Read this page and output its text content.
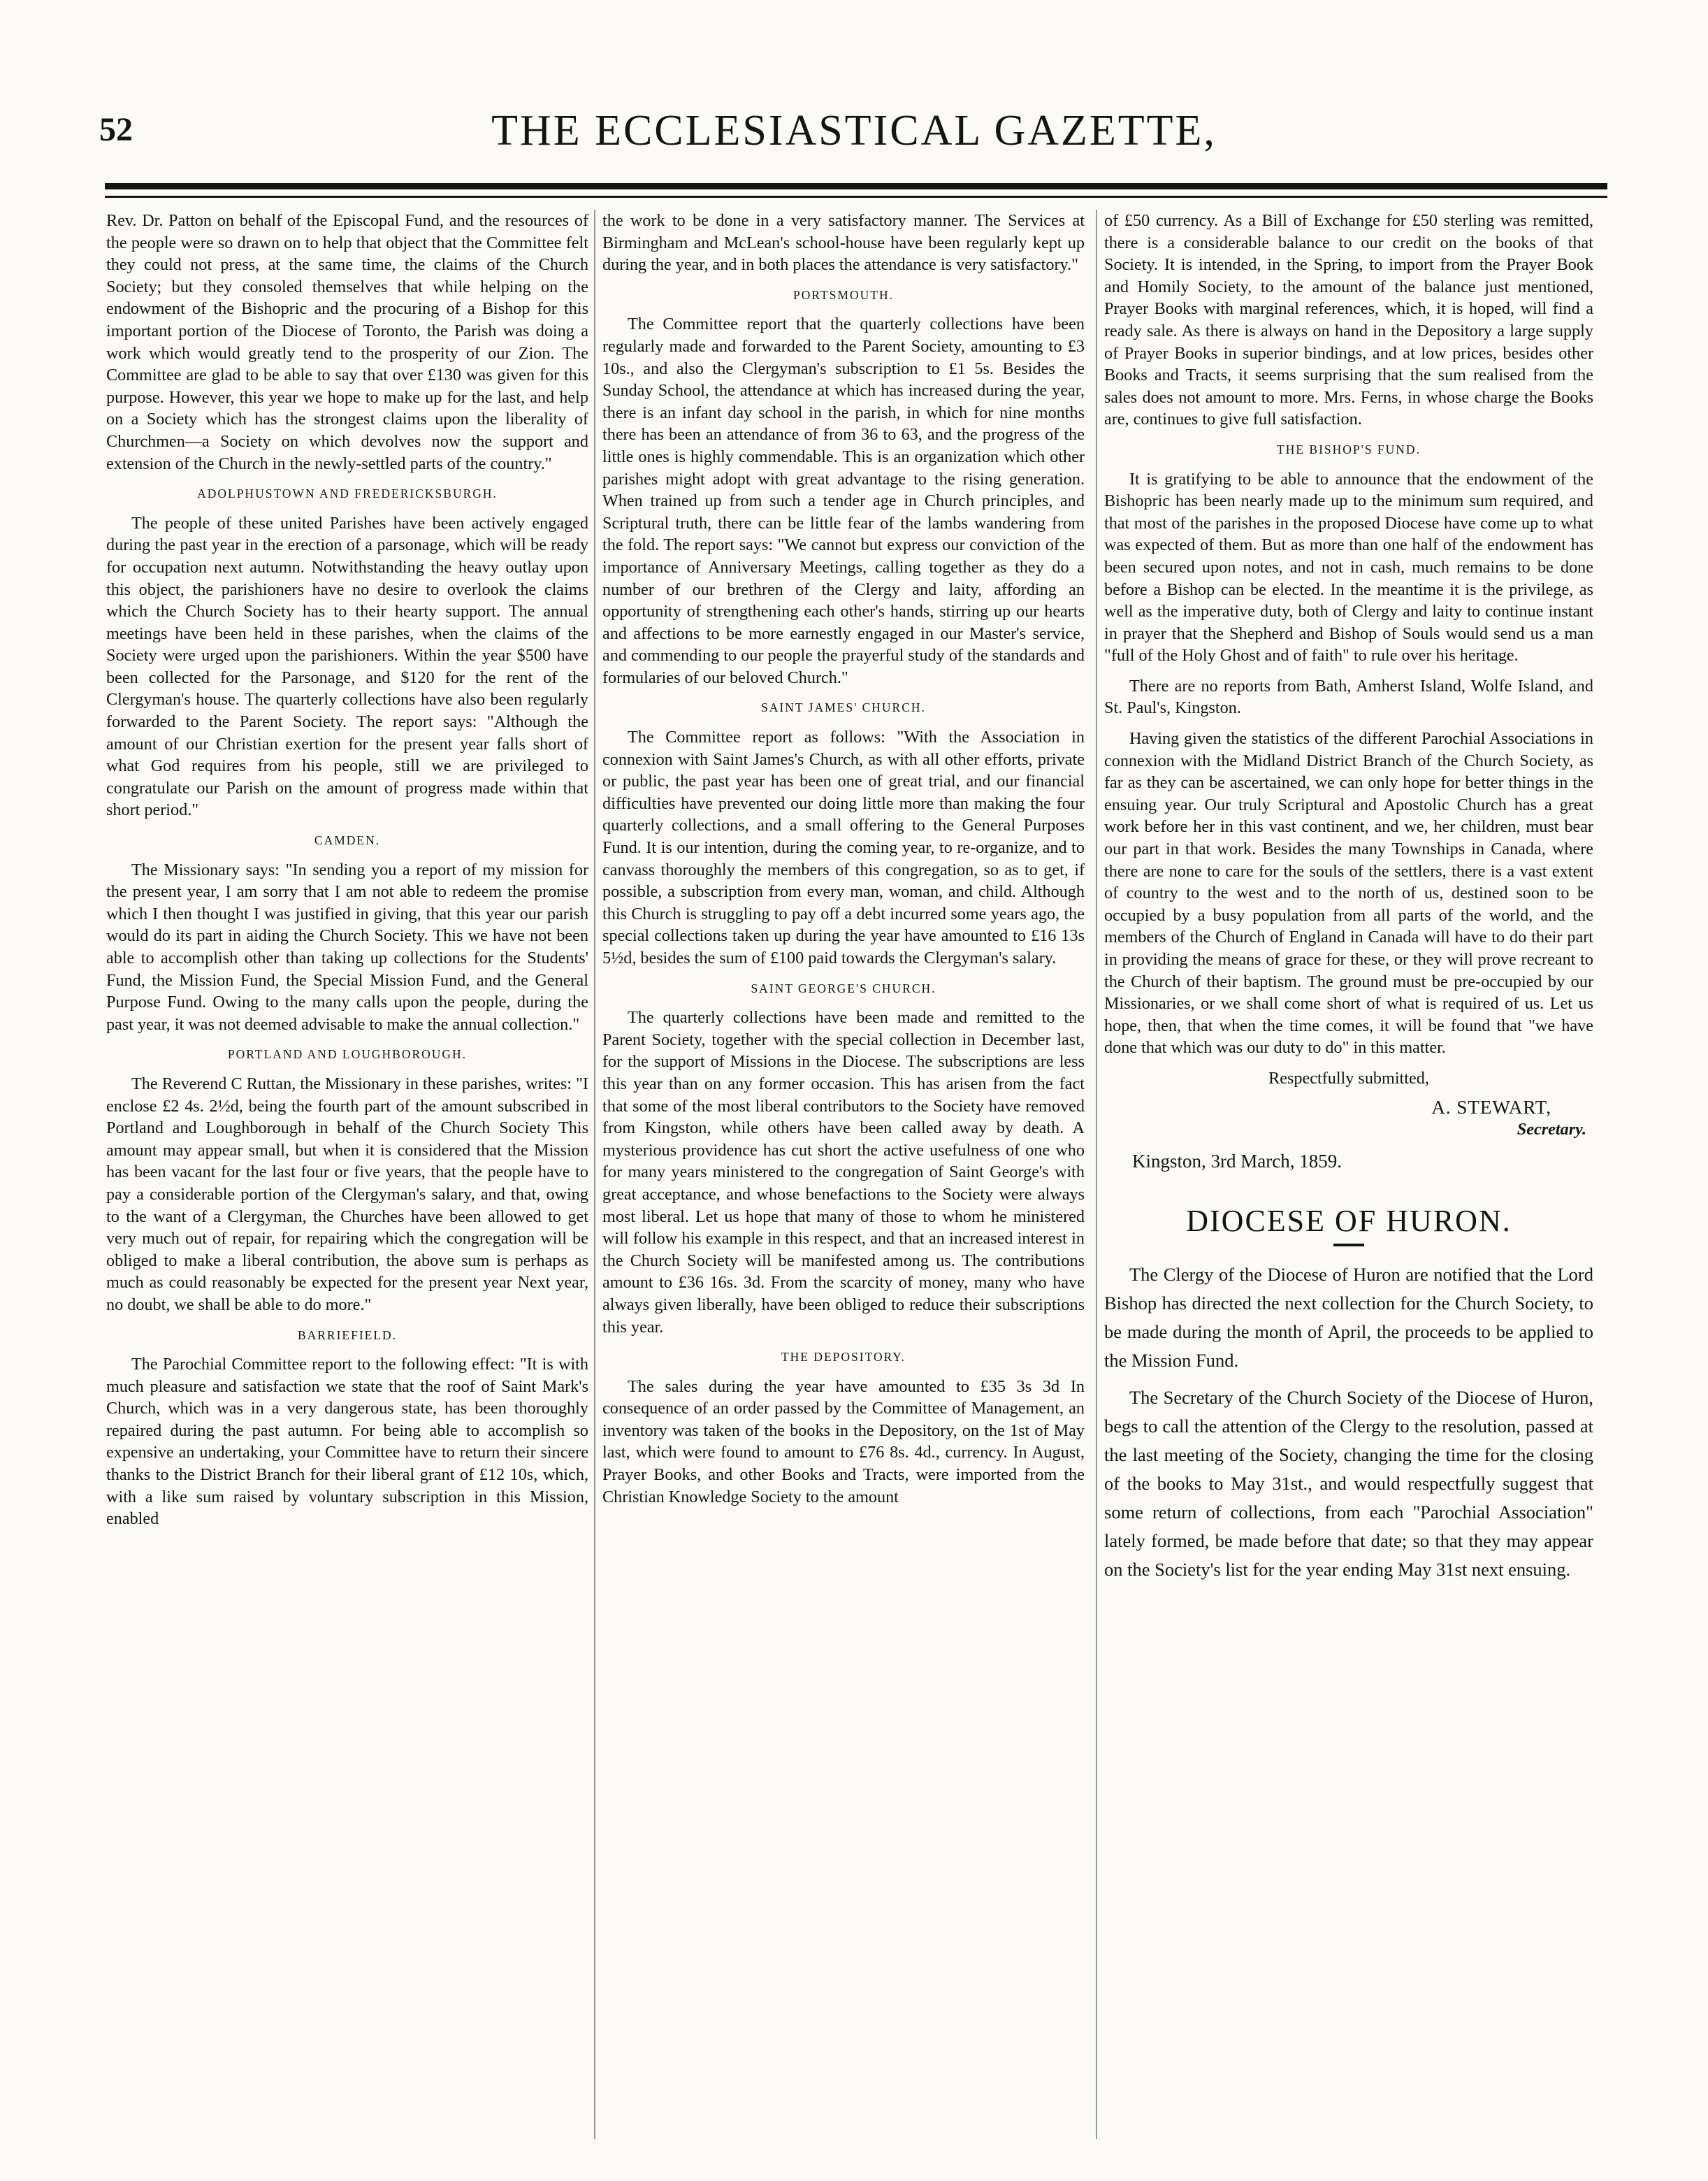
52	THE ECCLESIASTICAL GAZETTE,

Rev. Dr. Patton on behalf of the Episcopal Fund, and the resources of the people were so drawn on to help that object that the Committee felt they could not press, at the same time, the claims of the Church Society; but they consoled themselves that while helping on the endowment of the Bishopric and the procuring of a Bishop for this important portion of the Diocese of Toronto, the Parish was doing a work which would greatly tend to the prosperity of our Zion. The Committee are glad to be able to say that over £130 was given for this purpose. However, this year we hope to make up for the last, and help on a Society which has the strongest claims upon the liberality of Churchmen—a Society on which devolves now the support and extension of the Church in the newly-settled parts of the country."

ADOLPHUSTOWN AND FREDERICKSBURGH.

The people of these united Parishes have been actively engaged during the past year in the erection of a parsonage, which will be ready for occupation next autumn. Notwithstanding the heavy outlay upon this object, the parishioners have no desire to overlook the claims which the Church Society has to their hearty support. The annual meetings have been held in these parishes, when the claims of the Society were urged upon the parishioners. Within the year $500 have been collected for the Parsonage, and $120 for the rent of the Clergyman's house. The quarterly collections have also been regularly forwarded to the Parent Society. The report says: "Although the amount of our Christian exertion for the present year falls short of what God requires from his people, still we are privileged to congratulate our Parish on the amount of progress made within that short period."

CAMDEN.

The Missionary says: "In sending you a report of my mission for the present year, I am sorry that I am not able to redeem the promise which I then thought I was justified in giving, that this year our parish would do its part in aiding the Church Society. This we have not been able to accomplish other than taking up collections for the Students' Fund, the Mission Fund, the Special Mission Fund, and the General Purpose Fund. Owing to the many calls upon the people, during the past year, it was not deemed advisable to make the annual collection."

PORTLAND AND LOUGHBOROUGH.

The Reverend C Ruttan, the Missionary in these parishes, writes: "I enclose £2 4s. 2½d, being the fourth part of the amount subscribed in Portland and Loughborough in behalf of the Church Society This amount may appear small, but when it is considered that the Mission has been vacant for the last four or five years, that the people have to pay a considerable portion of the Clergyman's salary, and that, owing to the want of a Clergyman, the Churches have been allowed to get very much out of repair, for repairing which the congregation will be obliged to make a liberal contribution, the above sum is perhaps as much as could reasonably be expected for the present year Next year, no doubt, we shall be able to do more."

BARRIEFIELD.

The Parochial Committee report to the following effect: "It is with much pleasure and satisfaction we state that the roof of Saint Mark's Church, which was in a very dangerous state, has been thoroughly repaired during the past autumn. For being able to accomplish so expensive an undertaking, your Committee have to return their sincere thanks to the District Branch for their liberal grant of £12 10s, which, with a like sum raised by voluntary subscription in this Mission, enabled

the work to be done in a very satisfactory manner. The Services at Birmingham and McLean's school-house have been regularly kept up during the year, and in both places the attendance is very satisfactory."

PORTSMOUTH.

The Committee report that the quarterly collections have been regularly made and forwarded to the Parent Society, amounting to £3 10s., and also the Clergyman's subscription to £1 5s. Besides the Sunday School, the attendance at which has increased during the year, there is an infant day school in the parish, in which for nine months there has been an attendance of from 36 to 63, and the progress of the little ones is highly commendable. This is an organization which other parishes might adopt with great advantage to the rising generation. When trained up from such a tender age in Church principles, and Scriptural truth, there can be little fear of the lambs wandering from the fold. The report says: "We cannot but express our conviction of the importance of Anniversary Meetings, calling together as they do a number of our brethren of the Clergy and laity, affording an opportunity of strengthening each other's hands, stirring up our hearts and affections to be more earnestly engaged in our Master's service, and commending to our people the prayerful study of the standards and formularies of our beloved Church."

SAINT JAMES' CHURCH.

The Committee report as follows: "With the Association in connexion with Saint James's Church, as with all other efforts, private or public, the past year has been one of great trial, and our financial difficulties have prevented our doing little more than making the four quarterly collections, and a small offering to the General Purposes Fund. It is our intention, during the coming year, to re-organize, and to canvass thoroughly the members of this congregation, so as to get, if possible, a subscription from every man, woman, and child. Although this Church is struggling to pay off a debt incurred some years ago, the special collections taken up during the year have amounted to £16 13s 5½d, besides the sum of £100 paid towards the Clergyman's salary.

SAINT GEORGE'S CHURCH.

The quarterly collections have been made and remitted to the Parent Society, together with the special collection in December last, for the support of Missions in the Diocese. The subscriptions are less this year than on any former occasion. This has arisen from the fact that some of the most liberal contributors to the Society have removed from Kingston, while others have been called away by death. A mysterious providence has cut short the active usefulness of one who for many years ministered to the congregation of Saint George's with great acceptance, and whose benefactions to the Society were always most liberal. Let us hope that many of those to whom he ministered will follow his example in this respect, and that an increased interest in the Church Society will be manifested among us. The contributions amount to £36 16s. 3d. From the scarcity of money, many who have always given liberally, have been obliged to reduce their subscriptions this year.

THE DEPOSITORY.

The sales during the year have amounted to £35 3s 3d In consequence of an order passed by the Committee of Management, an inventory was taken of the books in the Depository, on the 1st of May last, which were found to amount to £76 8s. 4d., currency. In August, Prayer Books, and other Books and Tracts, were imported from the Christian Knowledge Society to the amount

of £50 currency. As a Bill of Exchange for £50 sterling was remitted, there is a considerable balance to our credit on the books of that Society. It is intended, in the Spring, to import from the Prayer Book and Homily Society, to the amount of the balance just mentioned, Prayer Books with marginal references, which, it is hoped, will find a ready sale. As there is always on hand in the Depository a large supply of Prayer Books in superior bindings, and at low prices, besides other Books and Tracts, it seems surprising that the sum realised from the sales does not amount to more. Mrs. Ferns, in whose charge the Books are, continues to give full satisfaction.

THE BISHOP'S FUND.

It is gratifying to be able to announce that the endowment of the Bishopric has been nearly made up to the minimum sum required, and that most of the parishes in the proposed Diocese have come up to what was expected of them. But as more than one half of the endowment has been secured upon notes, and not in cash, much remains to be done before a Bishop can be elected. In the meantime it is the privilege, as well as the imperative duty, both of Clergy and laity to continue instant in prayer that the Shepherd and Bishop of Souls would send us a man "full of the Holy Ghost and of faith" to rule over his heritage.

There are no reports from Bath, Amherst Island, Wolfe Island, and St. Paul's, Kingston.

Having given the statistics of the different Parochial Associations in connexion with the Midland District Branch of the Church Society, as far as they can be ascertained, we can only hope for better things in the ensuing year. Our truly Scriptural and Apostolic Church has a great work before her in this vast continent, and we, her children, must bear our part in that work. Besides the many Townships in Canada, where there are none to care for the souls of the settlers, there is a vast extent of country to the west and to the north of us, destined soon to be occupied by a busy population from all parts of the world, and the members of the Church of England in Canada will have to do their part in providing the means of grace for these, or they will prove recreant to the Church of their baptism. The ground must be pre-occupied by our Missionaries, or we shall come short of what is required of us. Let us hope, then, that when the time comes, it will be found that "we have done that which was our duty to do" in this matter.

Respectfully submitted,
A. STEWART,
Secretary.
Kingston, 3rd March, 1859.
DIOCESE OF HURON.

The Clergy of the Diocese of Huron are notified that the Lord Bishop has directed the next collection for the Church Society, to be made during the month of April, the proceeds to be applied to the Mission Fund.

The Secretary of the Church Society of the Diocese of Huron, begs to call the attention of the Clergy to the resolution, passed at the last meeting of the Society, changing the time for the closing of the books to May 31st., and would respectfully suggest that some return of collections, from each "Parochial Association" lately formed, be made before that date; so that they may appear on the Society's list for the year ending May 31st next ensuing.
